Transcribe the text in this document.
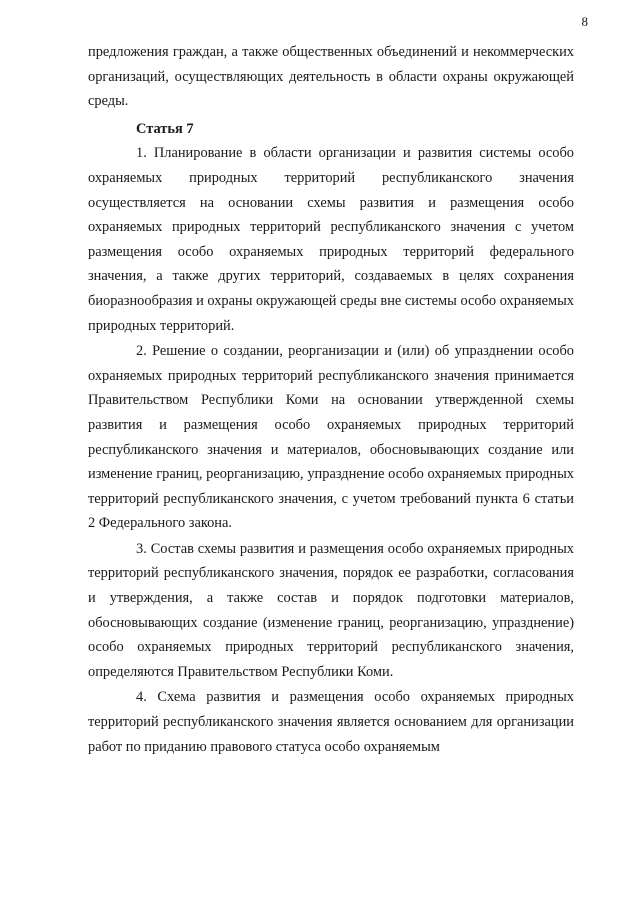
8

предложения граждан, а также общественных объединений и некоммерческих организаций, осуществляющих деятельность в области охраны окружающей среды.

Статья 7

1. Планирование в области организации и развития системы особо охраняемых природных территорий республиканского значения осуществляется на основании схемы развития и размещения особо охраняемых природных территорий республиканского значения с учетом размещения особо охраняемых природных территорий федерального значения, а также других территорий, создаваемых в целях сохранения биоразнообразия и охраны окружающей среды вне системы особо охраняемых природных территорий.

2. Решение о создании, реорганизации и (или) об упразднении особо охраняемых природных территорий республиканского значения принимается Правительством Республики Коми на основании утвержденной схемы развития и размещения особо охраняемых природных территорий республиканского значения и материалов, обосновывающих создание или изменение границ, реорганизацию, упразднение особо охраняемых природных территорий республиканского значения, с учетом требований пункта 6 статьи 2 Федерального закона.

3. Состав схемы развития и размещения особо охраняемых природных территорий республиканского значения, порядок ее разработки, согласования и утверждения, а также состав и порядок подготовки материалов, обосновывающих создание (изменение границ, реорганизацию, упразднение) особо охраняемых природных территорий республиканского значения, определяются Правительством Республики Коми.

4. Схема развития и размещения особо охраняемых природных территорий республиканского значения является основанием для организации работ по приданию правового статуса особо охраняемым
